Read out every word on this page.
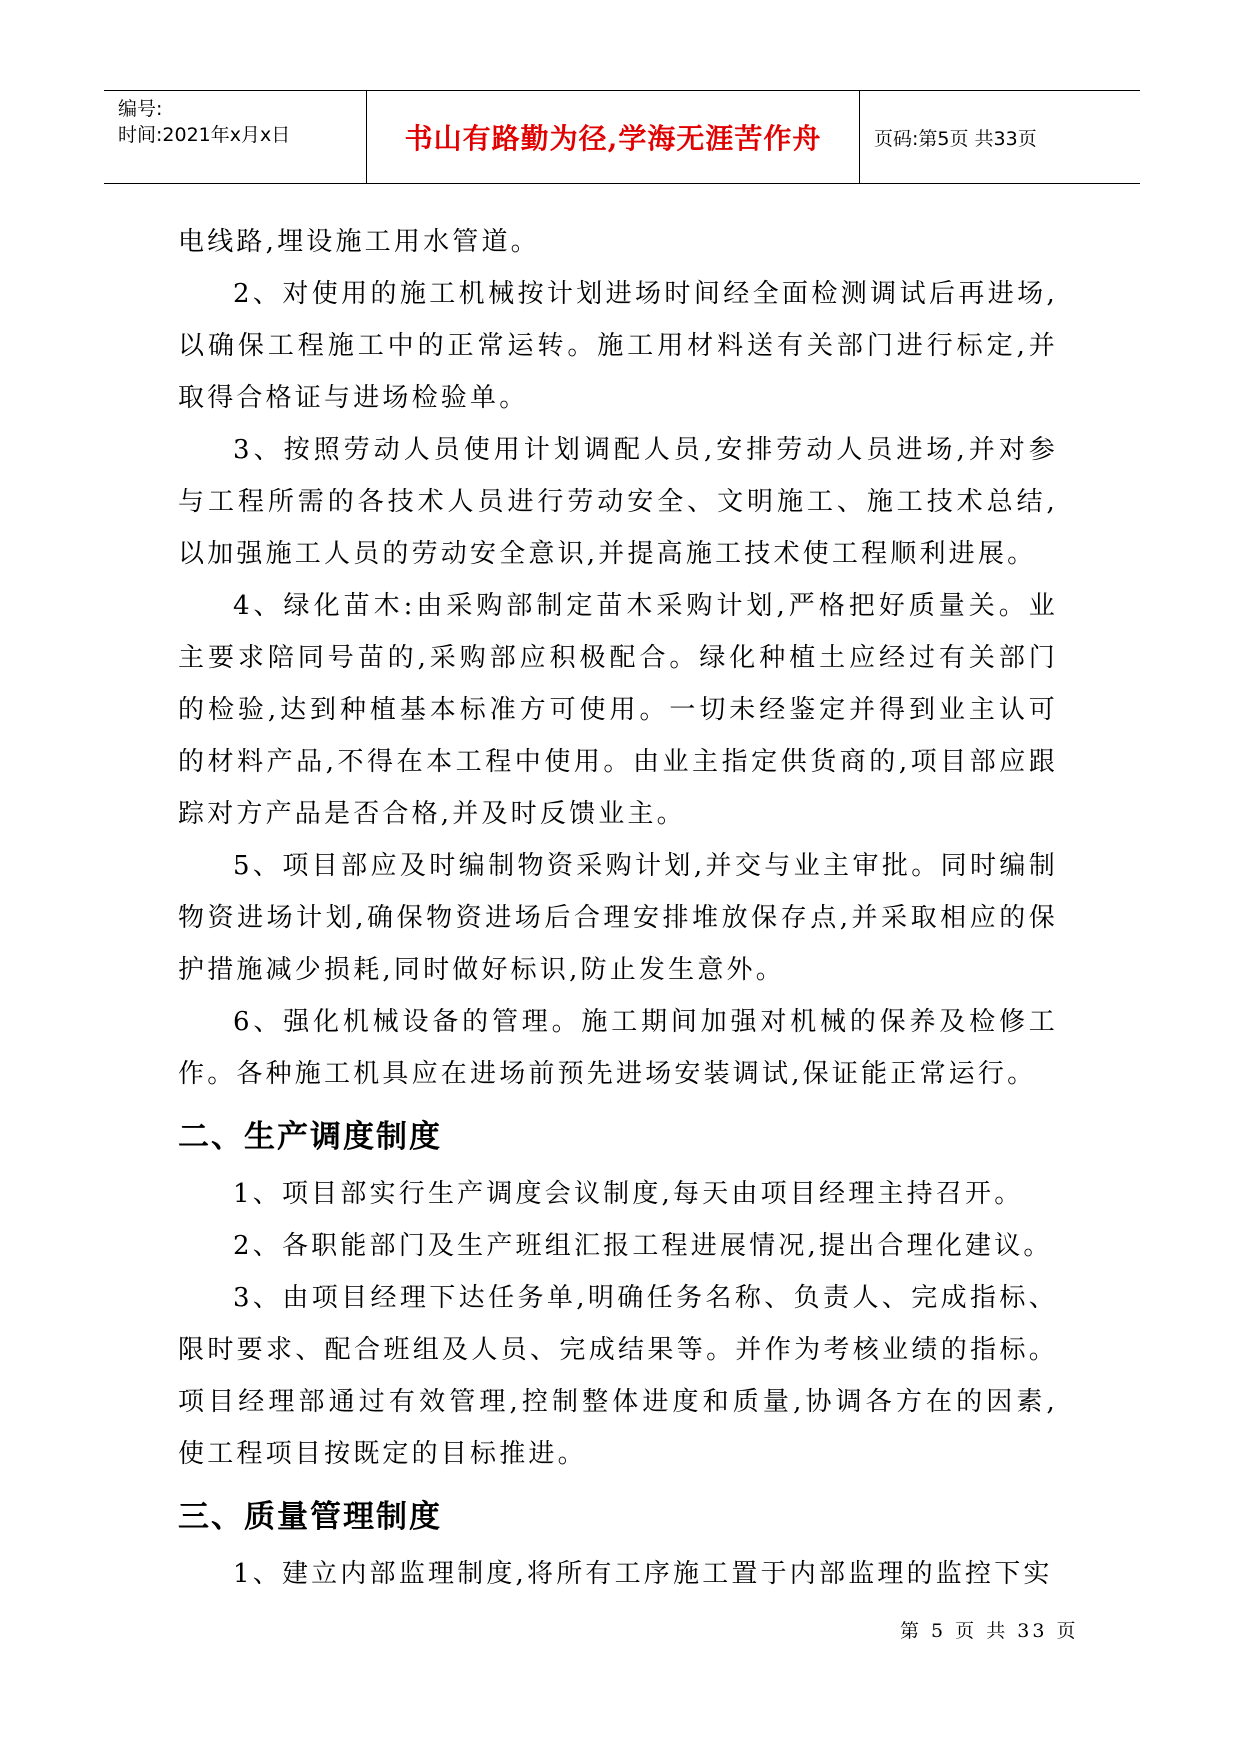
编号:
时间:2021年x月x日	书山有路勤为径,学海无涯苦作舟	页码:第5页 共33页

电线路,埋设施工用水管道。

2、对使用的施工机械按计划进场时间经全面检测调试后再进场,以确保工程施工中的正常运转。施工用材料送有关部门进行标定,并取得合格证与进场检验单。

3、按照劳动人员使用计划调配人员,安排劳动人员进场,并对参与工程所需的各技术人员进行劳动安全、文明施工、施工技术总结,以加强施工人员的劳动安全意识,并提高施工技术使工程顺利进展。

4、绿化苗木:由采购部制定苗木采购计划,严格把好质量关。业主要求陪同号苗的,采购部应积极配合。绿化种植土应经过有关部门的检验,达到种植基本标准方可使用。一切未经鉴定并得到业主认可的材料产品,不得在本工程中使用。由业主指定供货商的,项目部应跟踪对方产品是否合格,并及时反馈业主。

5、项目部应及时编制物资采购计划,并交与业主审批。同时编制物资进场计划,确保物资进场后合理安排堆放保存点,并采取相应的保护措施减少损耗,同时做好标识,防止发生意外。

6、强化机械设备的管理。施工期间加强对机械的保养及检修工作。各种施工机具应在进场前预先进场安装调试,保证能正常运行。

二、生产调度制度

1、项目部实行生产调度会议制度,每天由项目经理主持召开。

2、各职能部门及生产班组汇报工程进展情况,提出合理化建议。

3、由项目经理下达任务单,明确任务名称、负责人、完成指标、限时要求、配合班组及人员、完成结果等。并作为考核业绩的指标。项目经理部通过有效管理,控制整体进度和质量,协调各方在的因素,使工程项目按既定的目标推进。

三、质量管理制度

1、建立内部监理制度,将所有工序施工置于内部监理的监控下实

第 5 页 共 33 页
